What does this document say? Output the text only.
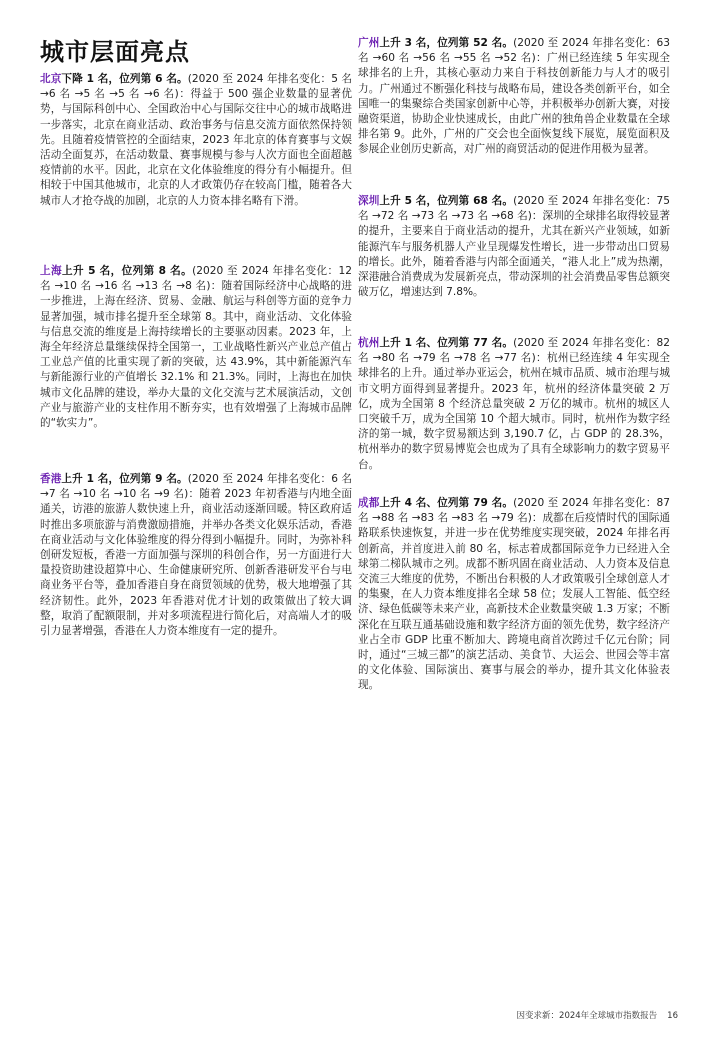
城市层面亮点
北京下降 1 名，位列第 6 名。(2020 至 2024 年排名变化：5 名 →6 名 →5 名 →5 名 →6 名)：得益于 500 强企业数量的显著优势，与国际科创中心、全国政治中心与国际交往中心的城市战略进一步落实，北京在商业活动、政治事务与信息交流方面依然保持领先。且随着疫情管控的全面结束，2023 年北京的体育赛事与文娱活动全面复苏，在活动数量、赛事规模与参与人次方面也全面超越疫情前的水平。因此，北京在文化体验维度的得分有小幅提升。但相较于中国其他城市，北京的人才政策仍存在较高门槛，随着各大城市人才抢夺战的加剧，北京的人力资本排名略有下滑。
上海上升 5 名，位列第 8 名。(2020 至 2024 年排名变化：12 名 →10 名 →16 名 →13 名 →8 名)：随着国际经济中心战略的进一步推进，上海在经济、贸易、金融、航运与科创等方面的竞争力显著加强，城市排名提升至全球第 8。其中，商业活动、文化体验与信息交流的维度是上海持续增长的主要驱动因素。2023 年，上海全年经济总量继续保持全国第一，工业战略性新兴产业总产值占工业总产值的比重实现了新的突破，达 43.9%，其中新能源汽车与新能源行业的产值增长 32.1% 和 21.3%。同时，上海也在加快城市文化品牌的建设，举办大量的文化交流与艺术展演活动，文创产业与旅游产业的支柱作用不断夯实，也有效增强了上海城市品牌的“软实力”。
香港上升 1 名，位列第 9 名。(2020 至 2024 年排名变化：6 名 →7 名 →10 名 →10 名 →9 名)：随着 2023 年初香港与内地全面通关，访港的旅游人数快速上升，商业活动逐渐回暖。特区政府适时推出多项旅游与消费激励措施，并举办各类文化娱乐活动，香港在商业活动与文化体验维度的得分得到小幅提升。同时，为弥补科创研发短板，香港一方面加强与深圳的科创合作，另一方面进行大量投资助建设超算中心、生命健康研究所、创新香港研发平台与电商业务平台等，叠加香港自身在商贸领域的优势，极大地增强了其经济韧性。此外，2023 年香港对优才计划的政策做出了较大调整，取消了配额限制，并对多项流程进行简化后，对高端人才的吸引力显著增强，香港在人力资本维度有一定的提升。
广州上升 3 名，位列第 52 名。(2020 至 2024 年排名变化：63 名 →60 名 →56 名 →55 名 →52 名)：广州已经连续 5 年实现全球排名的上升，其核心驱动力来自于科技创新能力与人才的吸引力。广州通过不断强化科技与战略布局，建设各类创新平台，如全国唯一的集聚综合类国家创新中心等，并积极举办创新大赛，对接融资渠道，协助企业快速成长，由此广州的独角兽企业数量在全球排名第 9。此外，广州的广交会也全面恢复线下展览，展览面积及参展企业创历史新高，对广州的商贸活动的促进作用极为显著。
深圳上升 5 名，位列第 68 名。(2020 至 2024 年排名变化：75 名 →72 名 →73 名 →73 名 →68 名)：深圳的全球排名取得较显著的提升，主要来自于商业活动的提升，尤其在新兴产业领域，如新能源汽车与服务机器人产业呈现爆发性增长，进一步带动出口贸易的增长。此外，随着香港与内部全面通关，“港人北上”成为热潮，深港融合消费成为发展新亮点，带动深圳的社会消费品零售总额突破万亿，增速达到 7.8%。
杭州上升 1 名、位列第 77 名。(2020 至 2024 年排名变化：82 名 →80 名 →79 名 →78 名 →77 名)：杭州已经连续 4 年实现全球排名的上升。通过举办亚运会，杭州在城市品质、城市治理与城市文明方面得到显著提升。2023 年，杭州的经济体量突破 2 万亿，成为全国第 8 个经济总量突破 2 万亿的城市。杭州的城区人口突破千万，成为全国第 10 个超大城市。同时，杭州作为数字经济的第一城，数字贸易额达到 3,190.7 亿，占 GDP 的 28.3%，杭州举办的数字贸易博览会也成为了具有全球影响力的数字贸易平台。
成都上升 4 名、位列第 79 名。(2020 至 2024 年排名变化：87 名 →88 名 →83 名 →83 名 →79 名)：成都在后疫情时代的国际通路联系快速恢复，并进一步在优势维度实现突破，2024 年排名再创新高，并首度进入前 80 名，标志着成都国际竞争力已经进入全球第二梯队城市之列。成都不断巩固在商业活动、人力资本及信息交流三大维度的优势，不断出台积极的人才政策吸引全球创意人才的集聚，在人力资本维度排名全球 58 位；发展人工智能、低空经济、绿色低碳等未来产业，高新技术企业数量突破 1.3 万家；不断深化在互联互通基础设施和数字经济方面的领先优势，数字经济产业占全市 GDP 比重不断加大、跨境电商首次跨过千亿元台阶；同时，通过“三城三都”的演艺活动、美食节、大运会、世园会等丰富的文化体验、国际演出、赛事与展会的举办，提升其文化体验表现。
因变求新：2024年全球城市指数报告 16
